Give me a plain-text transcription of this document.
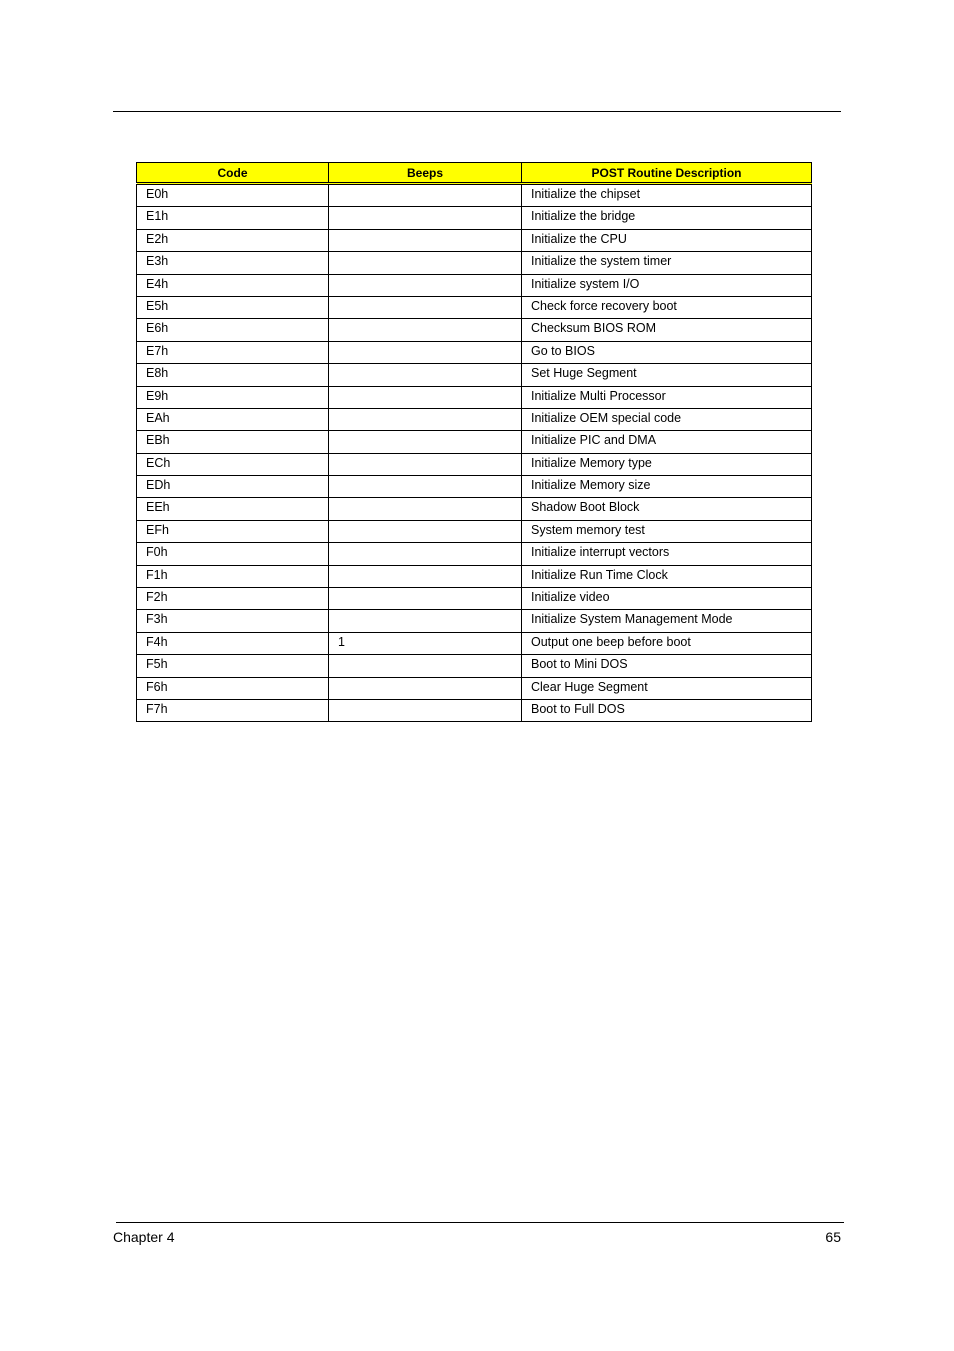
Code	Beeps	POST Routine Description
E0h		Initialize the chipset
E1h		Initialize the bridge
E2h		Initialize the CPU
E3h		Initialize the system timer
E4h		Initialize system I/O
E5h		Check force recovery boot
E6h		Checksum BIOS ROM
E7h		Go to BIOS
E8h		Set Huge Segment
E9h		Initialize Multi Processor
EAh		Initialize OEM special code
EBh		Initialize PIC and DMA
ECh		Initialize Memory type
EDh		Initialize Memory size
EEh		Shadow Boot Block
EFh		System memory test
F0h		Initialize interrupt vectors
F1h		Initialize Run Time Clock
F2h		Initialize video
F3h		Initialize System Management Mode
F4h	1	Output one beep before boot
F5h		Boot to Mini DOS
F6h		Clear Huge Segment
F7h		Boot to Full DOS
Chapter 4	65
